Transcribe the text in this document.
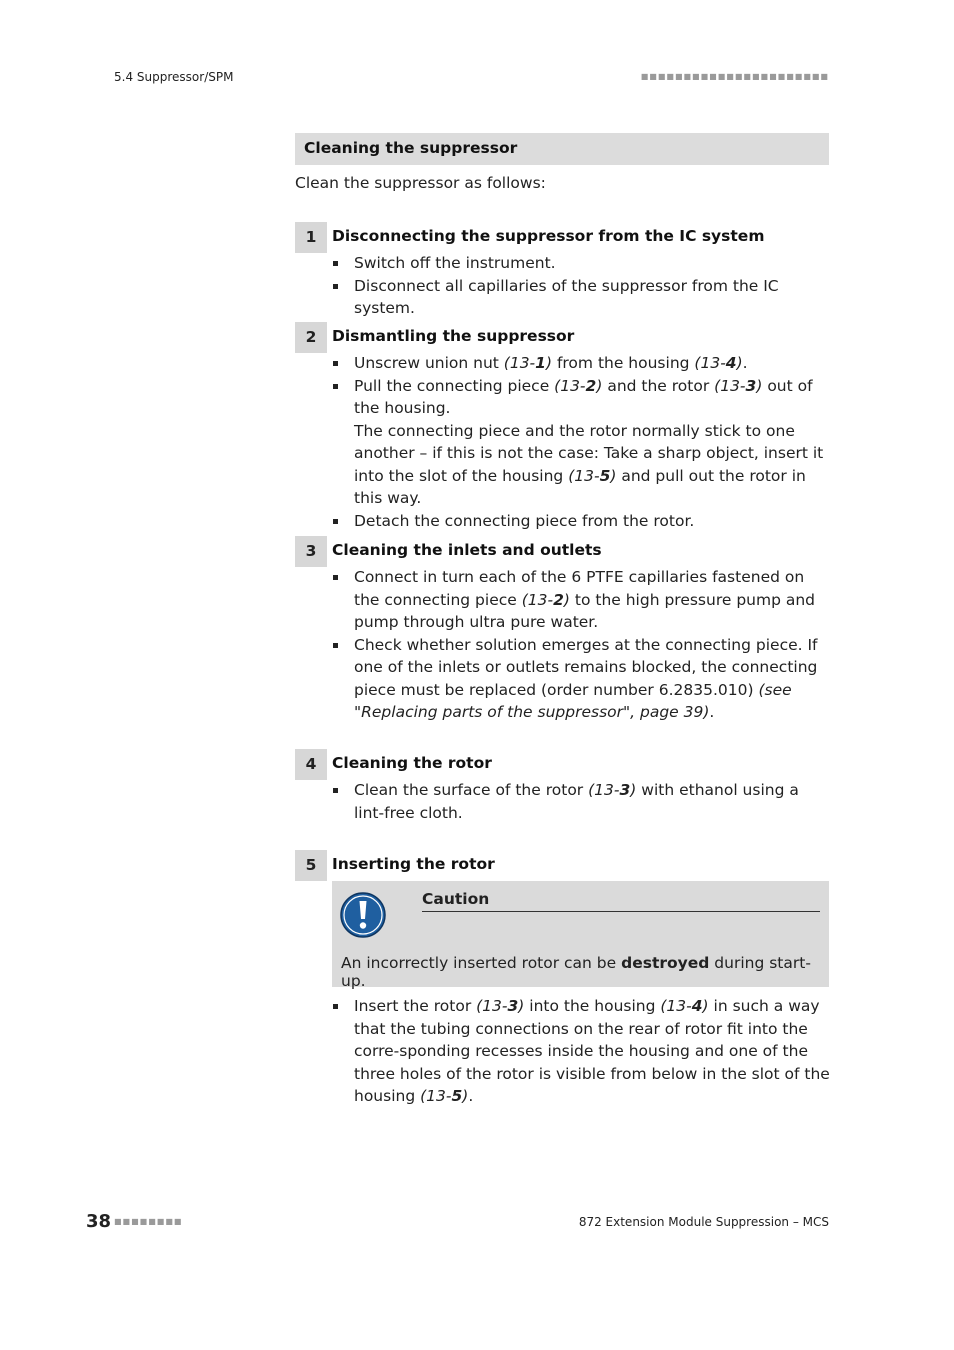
5.4 Suppressor/SPM	■■■■■■■■■■■■■■■■■■■■■■
Cleaning the suppressor
Clean the suppressor as follows:
1	Disconnecting the suppressor from the IC system
Switch off the instrument.
Disconnect all capillaries of the suppressor from the IC system.
2	Dismantling the suppressor
Unscrew union nut (13-1) from the housing (13-4).
Pull the connecting piece (13-2) and the rotor (13-3) out of the housing.
The connecting piece and the rotor normally stick to one another – if this is not the case: Take a sharp object, insert it into the slot of the housing (13-5) and pull out the rotor in this way.
Detach the connecting piece from the rotor.
3	Cleaning the inlets and outlets
Connect in turn each of the 6 PTFE capillaries fastened on the connecting piece (13-2) to the high pressure pump and pump through ultra pure water.
Check whether solution emerges at the connecting piece. If one of the inlets or outlets remains blocked, the connecting piece must be replaced (order number 6.2835.010) (see "Replacing parts of the suppressor", page 39).
4	Cleaning the rotor
Clean the surface of the rotor (13-3) with ethanol using a lint-free cloth.
5	Inserting the rotor
Caution
An incorrectly inserted rotor can be destroyed during start-up.
Insert the rotor (13-3) into the housing (13-4) in such a way that the tubing connections on the rear of rotor fit into the corre-sponding recesses inside the housing and one of the three holes of the rotor is visible from below in the slot of the housing (13-5).
38 ■■■■■■■■	872 Extension Module Suppression – MCS
